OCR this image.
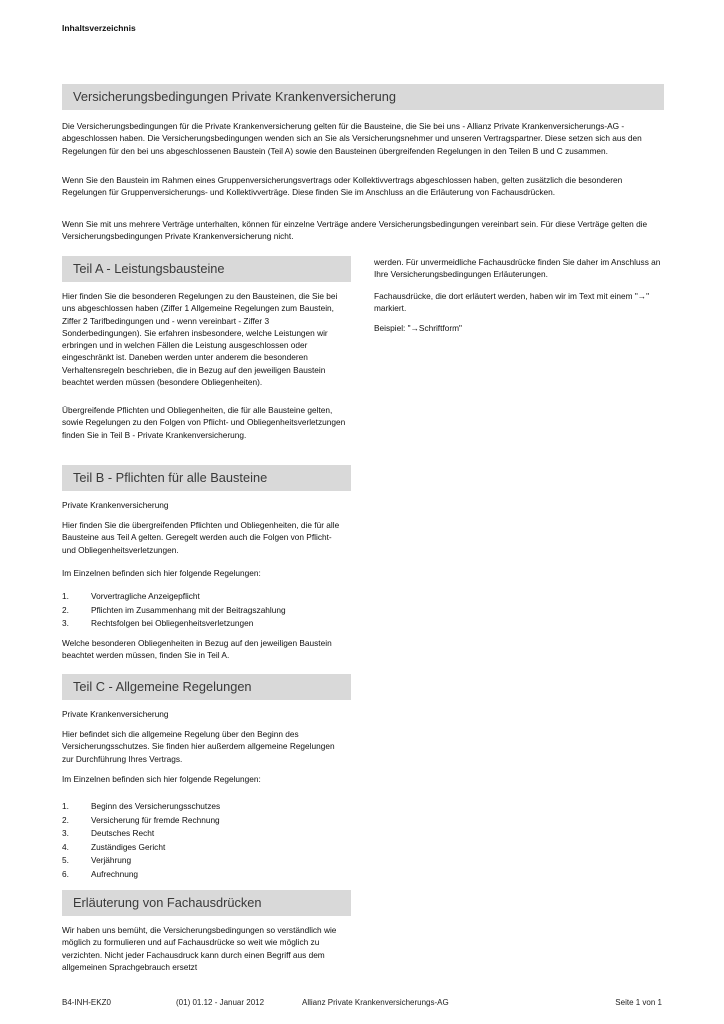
Inhaltsverzeichnis
Versicherungsbedingungen Private Krankenversicherung

Die Versicherungsbedingungen für die Private Krankenversicherung gelten für die Bausteine, die Sie bei uns - Allianz Private Krankenversicherungs-AG - abgeschlossen haben. Die Versicherungsbedingungen wenden sich an Sie als Versicherungsnehmer und unseren Vertragspartner. Diese setzen sich aus den Regelungen für den bei uns abgeschlossenen Baustein (Teil A) sowie den Bausteinen übergreifenden Regelungen in den Teilen B und C zusammen.

Wenn Sie den Baustein im Rahmen eines Gruppenversicherungsvertrags oder Kollektivvertrags abgeschlossen haben, gelten zusätzlich die besonderen Regelungen für Gruppenversicherungs- und Kollektivverträge. Diese finden Sie im Anschluss an die Erläuterung von Fachausdrücken.

Wenn Sie mit uns mehrere Verträge unterhalten, können für einzelne Verträge andere Versicherungsbedingungen vereinbart sein. Für diese Verträge gelten die Versicherungsbedingungen Private Krankenversicherung nicht.

Teil A - Leistungsbausteine

Hier finden Sie die besonderen Regelungen zu den Bausteinen, die Sie bei uns abgeschlossen haben (Ziffer 1 Allgemeine Regelungen zum Baustein, Ziffer 2 Tarifbedingungen und - wenn vereinbart - Ziffer 3 Sonderbedingungen). Sie erfahren insbesondere, welche Leistungen wir erbringen und in welchen Fällen die Leistung ausgeschlossen oder eingeschränkt ist. Daneben werden unter anderem die besonderen Verhaltensregeln beschrieben, die in Bezug auf den jeweiligen Baustein beachtet werden müssen (besondere Obliegenheiten).

Übergreifende Pflichten und Obliegenheiten, die für alle Bausteine gelten, sowie Regelungen zu den Folgen von Pflicht- und Obliegenheitsverletzungen finden Sie in Teil B - Private Krankenversicherung.

Teil B - Pflichten für alle Bausteine
Private Krankenversicherung

Hier finden Sie die übergreifenden Pflichten und Obliegenheiten, die für alle Bausteine aus Teil A gelten. Geregelt werden auch die Folgen von Pflicht- und Obliegenheitsverletzungen.

Im Einzelnen befinden sich hier folgende Regelungen:

1.	Vorvertragliche Anzeigepflicht
2.	Pflichten im Zusammenhang mit der Beitragszahlung
3.	Rechtsfolgen bei Obliegenheitsverletzungen

Welche besonderen Obliegenheiten in Bezug auf den jeweiligen Baustein beachtet werden müssen, finden Sie in Teil A.

Teil C - Allgemeine Regelungen
Private Krankenversicherung

Hier befindet sich die allgemeine Regelung über den Beginn des Versicherungsschutzes. Sie finden hier außerdem allgemeine Regelungen zur Durchführung Ihres Vertrags.

Im Einzelnen befinden sich hier folgende Regelungen:

1.	Beginn des Versicherungsschutzes
2.	Versicherung für fremde Rechnung
3.	Deutsches Recht
4.	Zuständiges Gericht
5.	Verjährung
6.	Aufrechnung
Erläuterung von Fachausdrücken

Wir haben uns bemüht, die Versicherungsbedingungen so verständlich wie möglich zu formulieren und auf Fachausdrücke so weit wie möglich zu verzichten. Nicht jeder Fachausdruck kann durch einen Begriff aus dem allgemeinen Sprachgebrauch ersetzt

werden. Für unvermeidliche Fachausdrücke finden Sie daher im Anschluss an Ihre Versicherungsbedingungen Erläuterungen.

Fachausdrücke, die dort erläutert werden, haben wir im Text mit einem "→" markiert.

Beispiel: "→Schriftform"

B4-INH-EKZ0	(01) 01.12 - Januar 2012	Allianz Private Krankenversicherungs-AG	Seite 1 von 1
